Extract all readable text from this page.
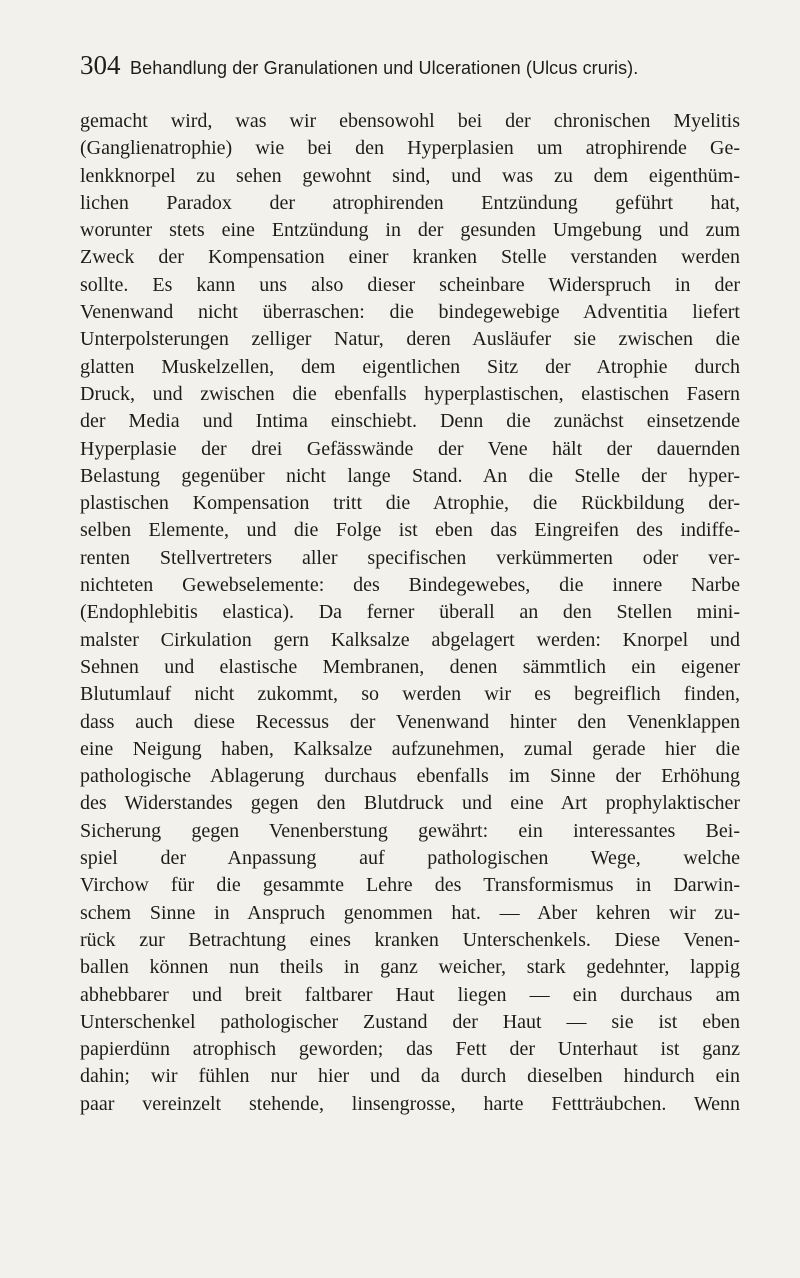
304 Behandlung der Granulationen und Ulcerationen (Ulcus cruris).
gemacht wird, was wir ebensowohl bei der chronischen Myelitis
(Ganglienatrophie) wie bei den Hyperplasien um atrophirende Ge-
lenkknorpel zu sehen gewohnt sind, und was zu dem eigenthüm-
lichen Paradox der atrophirenden Entzündung geführt hat,
worunter stets eine Entzündung in der gesunden Umgebung und zum
Zweck der Kompensation einer kranken Stelle verstanden werden
sollte. Es kann uns also dieser scheinbare Widerspruch in der
Venenwand nicht überraschen: die bindegewebige Adventitia liefert
Unterpolsterungen zelliger Natur, deren Ausläufer sie zwischen die
glatten Muskelzellen, dem eigentlichen Sitz der Atrophie durch
Druck, und zwischen die ebenfalls hyperplastischen, elastischen Fasern
der Media und Intima einschiebt. Denn die zunächst einsetzende
Hyperplasie der drei Gefässwände der Vene hält der dauernden
Belastung gegenüber nicht lange Stand. An die Stelle der hyper-
plastischen Kompensation tritt die Atrophie, die Rückbildung der-
selben Elemente, und die Folge ist eben das Eingreifen des indiffe-
renten Stellvertreters aller specifischen verkümmerten oder ver-
nichteten Gewebselemente: des Bindegewebes, die innere Narbe
(Endophlebitis elastica). Da ferner überall an den Stellen mini-
malster Cirkulation gern Kalksalze abgelagert werden: Knorpel und
Sehnen und elastische Membranen, denen sämmtlich ein eigener
Blutumlauf nicht zukommt, so werden wir es begreiflich finden,
dass auch diese Recessus der Venenwand hinter den Venenklappen
eine Neigung haben, Kalksalze aufzunehmen, zumal gerade hier die
pathologische Ablagerung durchaus ebenfalls im Sinne der Erhöhung
des Widerstandes gegen den Blutdruck und eine Art prophylaktischer
Sicherung gegen Venenberstung gewährt: ein interessantes Bei-
spiel der Anpassung auf pathologischen Wege, welche
Virchow für die gesammte Lehre des Transformismus in Darwin-
schem Sinne in Anspruch genommen hat. — Aber kehren wir zu-
rück zur Betrachtung eines kranken Unterschenkels. Diese Venen-
ballen können nun theils in ganz weicher, stark gedehnter, lappig
abhebbarer und breit faltbarer Haut liegen — ein durchaus am
Unterschenkel pathologischer Zustand der Haut — sie ist eben
papierdünn atrophisch geworden; das Fett der Unterhaut ist ganz
dahin; wir fühlen nur hier und da durch dieselben hindurch ein
paar vereinzelt stehende, linsengrosse, harte Fettträubchen. Wenn
